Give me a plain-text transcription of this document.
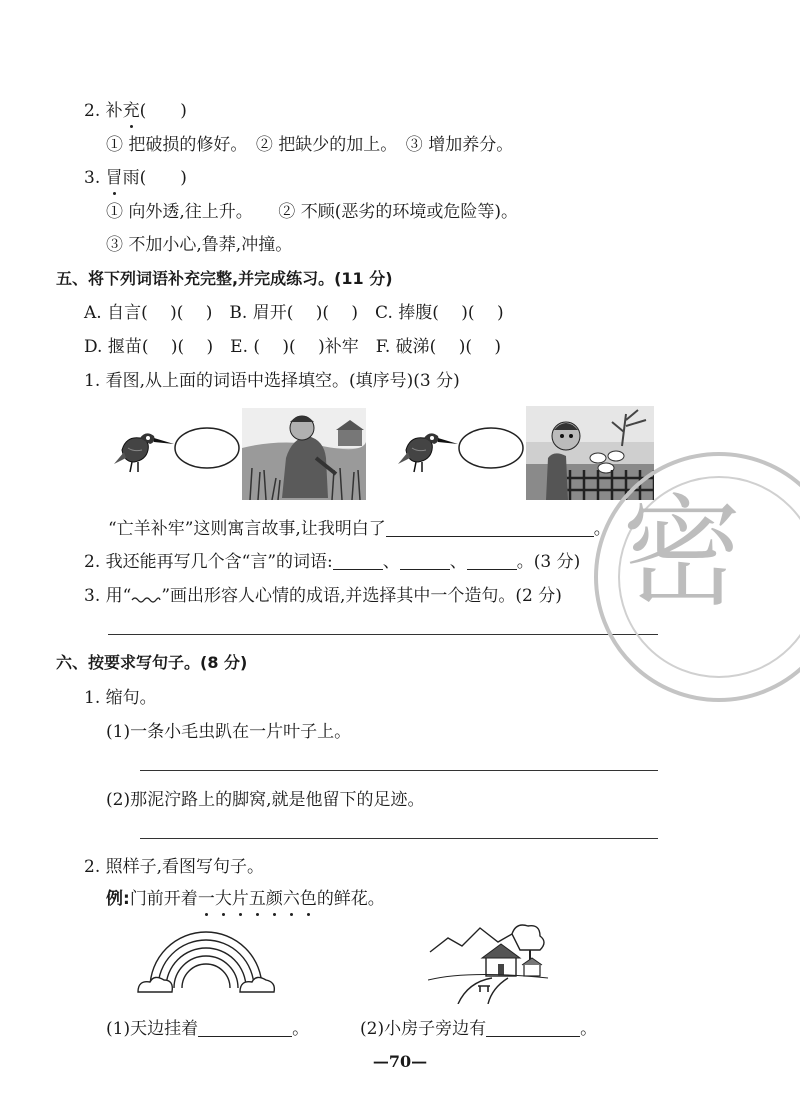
2. 补充(　　)
① 把破损的修好。　② 把缺少的加上。　③ 增加养分。
3. 冒雨(　　)
① 向外透,往上升。　　② 不顾(恶劣的环境或危险等)。
③ 不加小心,鲁莽,冲撞。
五、将下列词语补充完整,并完成练习。(11 分)
A. 自言(　 )(　 )　B. 眉开(　 )(　 )　C. 捧腹(　 )(　 )
D. 揠苗(　 )(　 )　E. (　 )(　 )补牢　F. 破涕(　 )(　 )
1. 看图,从上面的词语中选择填空。(填序号)(3 分)
“亡羊补牢”这则寓言故事,让我明白了	。
2. 我还能再写几个含“言”的词语:	、	、	。(3 分)
3. 用“ ”画出形容人心情的成语,并选择其中一个造句。(2 分)
六、按要求写句子。(8 分)
1. 缩句。
(1)一条小毛虫趴在一片叶子上。
(2)那泥泞路上的脚窝,就是他留下的足迹。
2. 照样子,看图写句子。
例:门前开着一大片五颜六色的鲜花。
(1)天边挂着	。	(2)小房子旁边有	。
—70—
密
